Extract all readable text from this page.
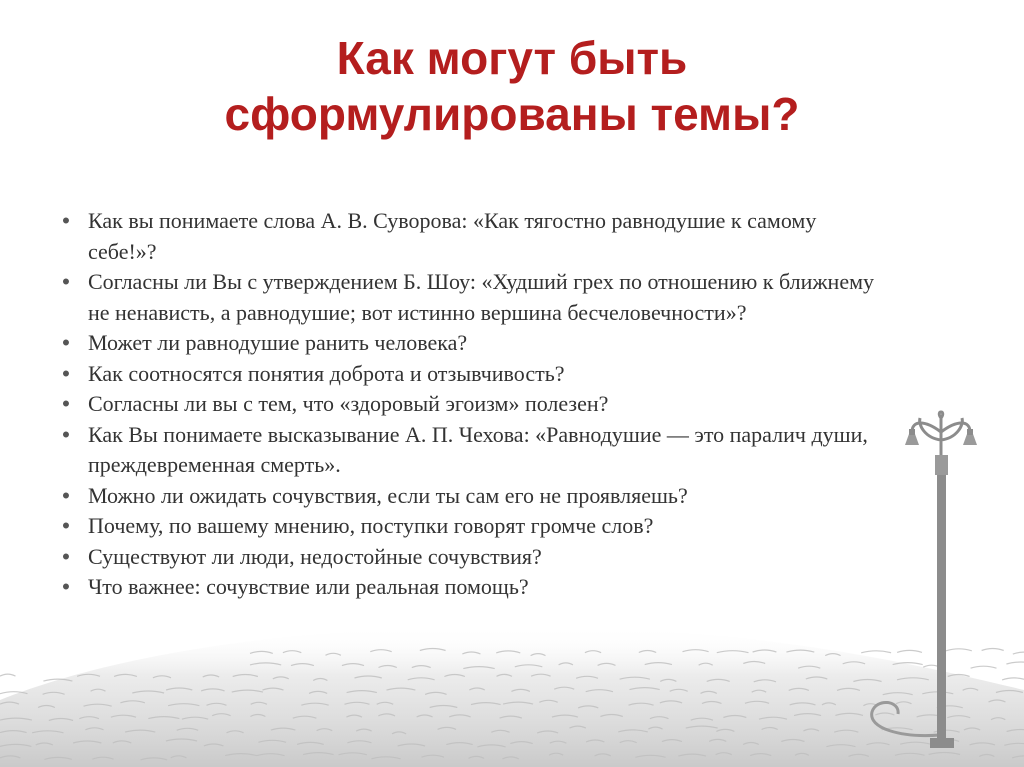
Как могут быть
сформулированы темы?
• Как вы понимаете слова А. В. Суворова: «Как тягостно равнодушие к самому себе!»?
• Согласны ли Вы с утверждением Б. Шоу: «Худший грех по отношению к ближнему не ненависть, а равнодушие; вот истинно вершина бесчеловечности»?
• Может ли равнодушие ранить человека?
• Как соотносятся понятия доброта и отзывчивость?
• Согласны ли вы с тем, что «здоровый эгоизм» полезен?
• Как Вы понимаете высказывание А. П. Чехова: «Равнодушие — это паралич души, преждевременная смерть».
• Можно ли ожидать сочувствия, если ты сам его не проявляешь?
• Почему, по вашему мнению, поступки говорят громче слов?
• Существуют ли люди, недостойные сочувствия?
• Что важнее: сочувствие или реальная помощь?
